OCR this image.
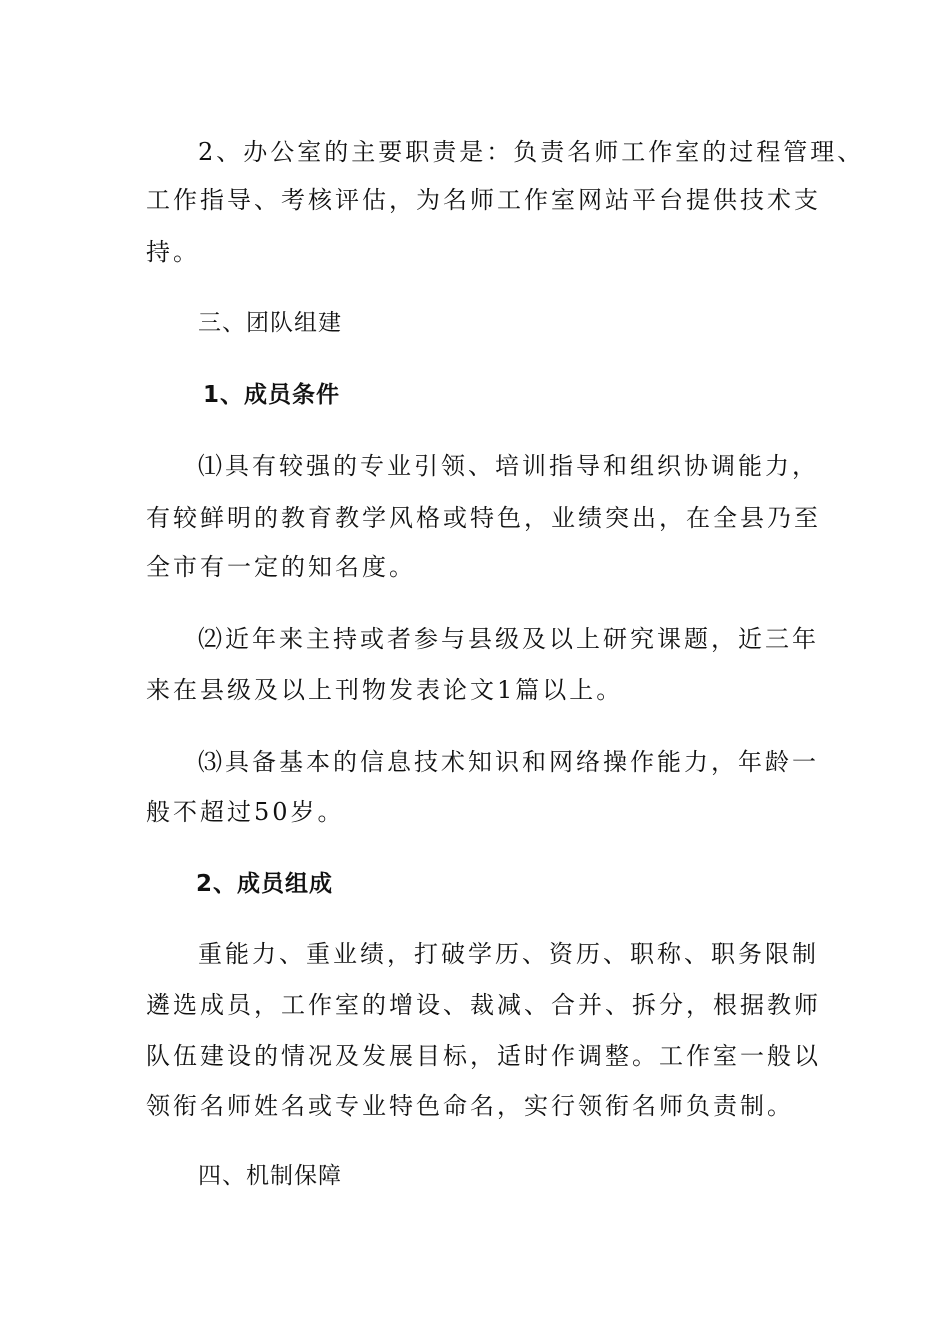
2、办公室的主要职责是：负责名师工作室的过程管理、

工作指导、考核评估，为名师工作室网站平台提供技术支

持。

三、团队组建

1、成员条件

⑴具有较强的专业引领、培训指导和组织协调能力，

有较鲜明的教育教学风格或特色，业绩突出，在全县乃至

全市有一定的知名度。

⑵近年来主持或者参与县级及以上研究课题，近三年

来在县级及以上刊物发表论文1篇以上。

⑶具备基本的信息技术知识和网络操作能力，年龄一

般不超过50岁。

2、成员组成

重能力、重业绩，打破学历、资历、职称、职务限制

遴选成员，工作室的增设、裁减、合并、拆分，根据教师

队伍建设的情况及发展目标，适时作调整。工作室一般以

领衔名师姓名或专业特色命名，实行领衔名师负责制。

四、机制保障
